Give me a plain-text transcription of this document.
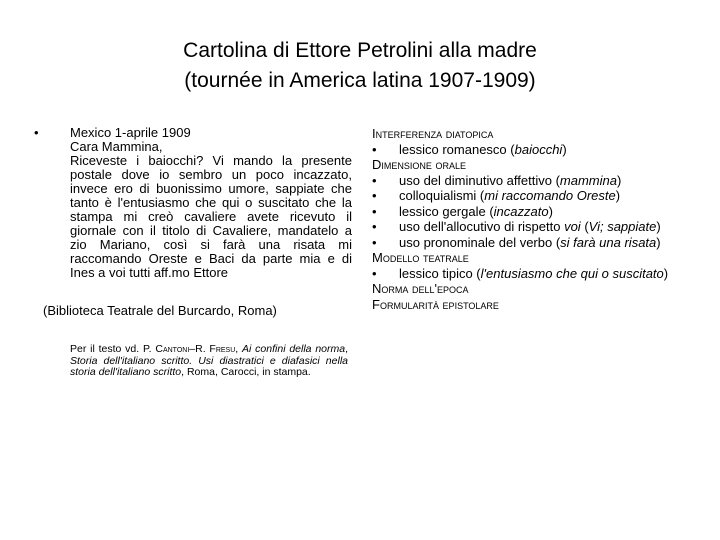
Cartolina di Ettore Petrolini alla madre
(tournée in America latina 1907-1909)
• Mexico 1-aprile 1909
Cara Mammina,
Riceveste i baiocchi? Vi mando la presente postale dove io sembro un poco incazzato, invece ero di buonissimo umore, sappiate che tanto è l'entusiasmo che qui o suscitato che la stampa mi creò cavaliere avete ricevuto il giornale con il titolo di Cavaliere, mandatelo a zio Mariano, così si farà una risata mi raccomando Oreste e Baci da parte mia e di Ines a voi tutti aff.mo Ettore
(Biblioteca Teatrale del Burcardo, Roma)
Per il testo vd. P. Cantoni–R. Fresu, Ai confini della norma, Storia dell'italiano scritto. Usi diastratici e diafasici nella storia dell'italiano scritto, Roma, Carocci, in stampa.
Interferenza diatopica
• lessico romanesco (baiocchi)
Dimensione orale
• uso del diminutivo affettivo (mammina)
• colloquialismi (mi raccomando Oreste)
• lessico gergale (incazzato)
• uso dell'allocutivo di rispetto voi (Vi; sappiate)
• uso pronominale del verbo (si farà una risata)
Modello teatrale
• lessico tipico (l'entusiasmo che qui o suscitato)
Norma dell'epoca
Formularità epistolare
